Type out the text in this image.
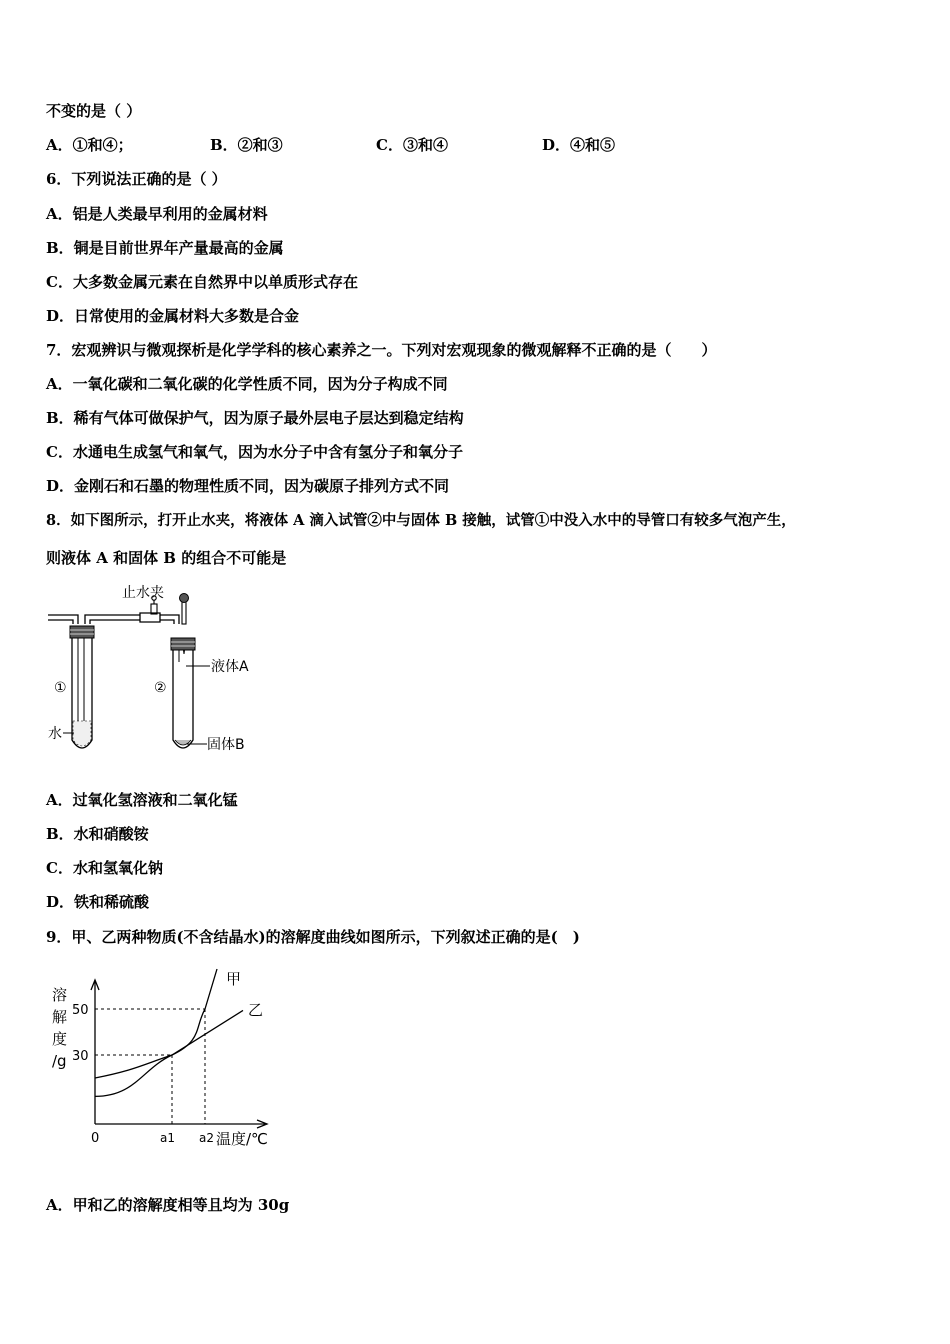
不变的是（ ）
A．①和④；	B．②和③	C．③和④	D．④和⑤
6．下列说法正确的是（ ）
A．铝是人类最早利用的金属材料
B．铜是目前世界年产量最高的金属
C．大多数金属元素在自然界中以单质形式存在
D．日常使用的金属材料大多数是合金
7．宏观辨识与微观探析是化学学科的核心素养之一。下列对宏观现象的微观解释不正确的是（　　）
A．一氧化碳和二氧化碳的化学性质不同，因为分子构成不同
B．稀有气体可做保护气，因为原子最外层电子层达到稳定结构
C．水通电生成氢气和氧气，因为水分子中含有氢分子和氧分子
D．金刚石和石墨的物理性质不同，因为碳原子排列方式不同
8．如下图所示，打开止水夹，将液体 A 滴入试管②中与固体 B 接触，试管①中没入水中的导管口有较多气泡产生，
则液体 A 和固体 B 的组合不可能是
止水夹
①	②
水
液体A
固体B
A．过氧化氢溶液和二氧化锰
B．水和硝酸铵
C．水和氢氧化钠
D．铁和稀硫酸
9．甲、乙两种物质(不含结晶水)的溶解度曲线如图所示，下列叙述正确的是(　)
溶
解
度
/g
50
30
0	a1 a2 温度/℃
甲
乙
A．甲和乙的溶解度相等且均为 30g
